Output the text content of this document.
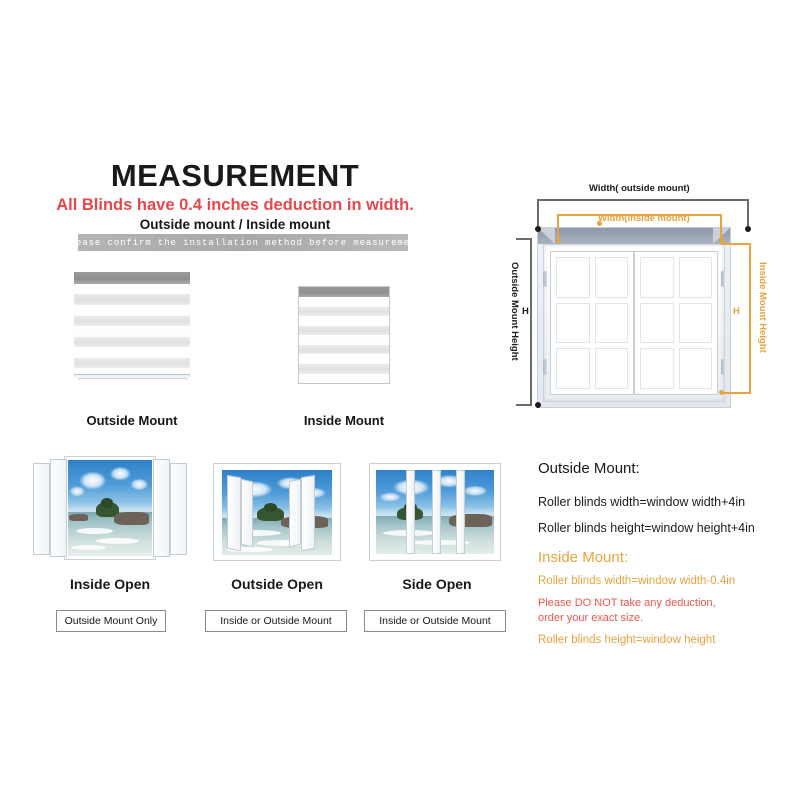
MEASUREMENT
All Blinds have 0.4 inches deduction in width.
Outside mount / Inside mount
Please confirm the installation method before measurement
Outside Mount	Inside Mount
Inside Open
Outside Mount Only
Outside Open
Inside or Outside Mount
Side Open
Inside or Outside Mount
Width( outside mount)
Width(inside mount)
Outside Mount Height H	Inside Mount Height
H
Outside Mount:
Roller blinds width=window width+4in
Roller blinds height=window height+4in
Inside Mount:
Roller blinds width=window width-0.4in
Please DO NOT take any deduction,
order your exact size.
Roller blinds height=window height
